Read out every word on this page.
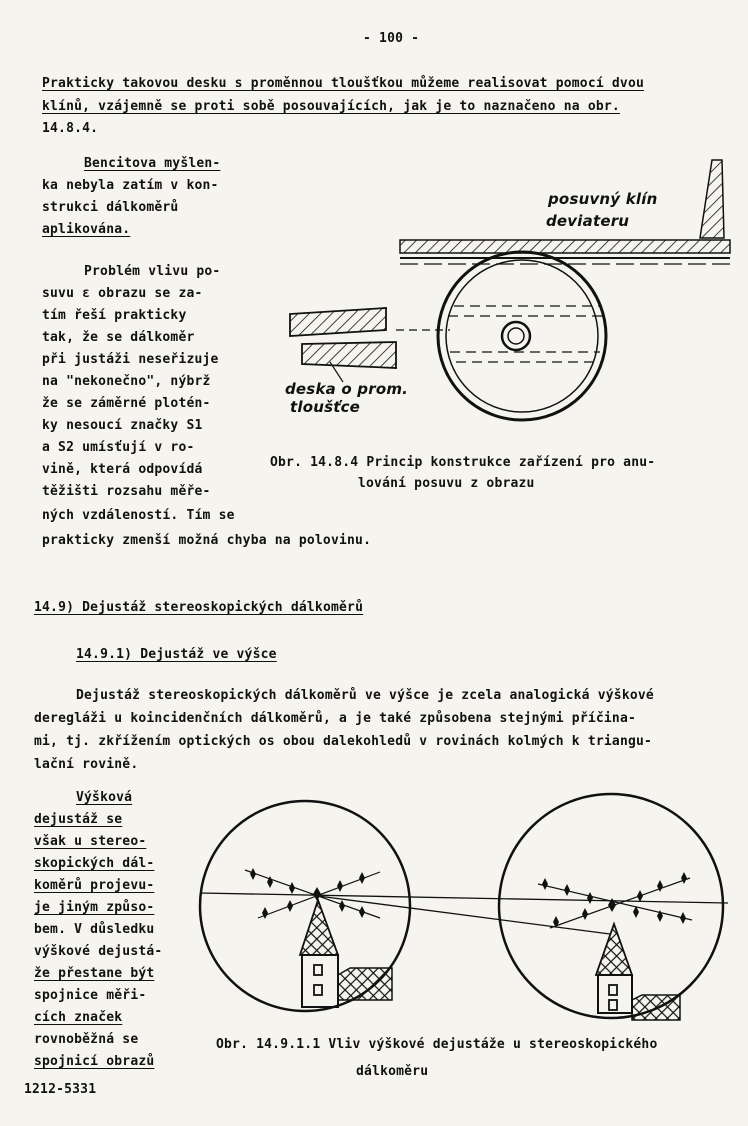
- 100 -
Prakticky takovou desku s proměnnou tloušťkou můžeme realisovat pomocí dvou
klínů, vzájemně se proti sobě posouvajících, jak je to naznačeno na obr.
14.8.4.
Bencitova myšlen-
ka nebyla zatím v kon-
strukci dálkoměrů
aplikována.
Problém vlivu po-
suvu ε obrazu se za-
tím řeší prakticky
tak, že se dálkoměr
při justáži neseřizuje
na "nekonečno", nýbrž
že se záměrné plotén-
ky nesoucí značky S1
a S2 umísťují v ro-
vině, která odpovídá
těžišti rozsahu měře-
ných vzdáleností. Tím se
prakticky zmenší možná chyba na polovinu.
posuvný klín
deviateru
deska o prom.
tloušťce
Obr. 14.8.4 Princip konstrukce zařízení pro anu-
lování posuvu z obrazu
14.9) Dejustáž stereoskopických dálkoměrů
14.9.1) Dejustáž ve výšce
Dejustáž stereoskopických dálkoměrů ve výšce je zcela analogická výškové
deregláži u koincidenčních dálkoměrů, a je také způsobena stejnými příčina-
mi, tj. zkřížením optických os obou dalekohledů v rovinách kolmých k triangu-
lační rovině.
Výšková
dejustáž se
však u stereo-
skopických dál-
koměrů projevu-
je jiným způso-
bem. V důsledku
výškové dejustá-
že přestane být
spojnice měři-
cích značek
rovnoběžná se
spojnicí obrazů
Obr. 14.9.1.1 Vliv výškové dejustáže u stereoskopického
dálkoměru
1212-5331
